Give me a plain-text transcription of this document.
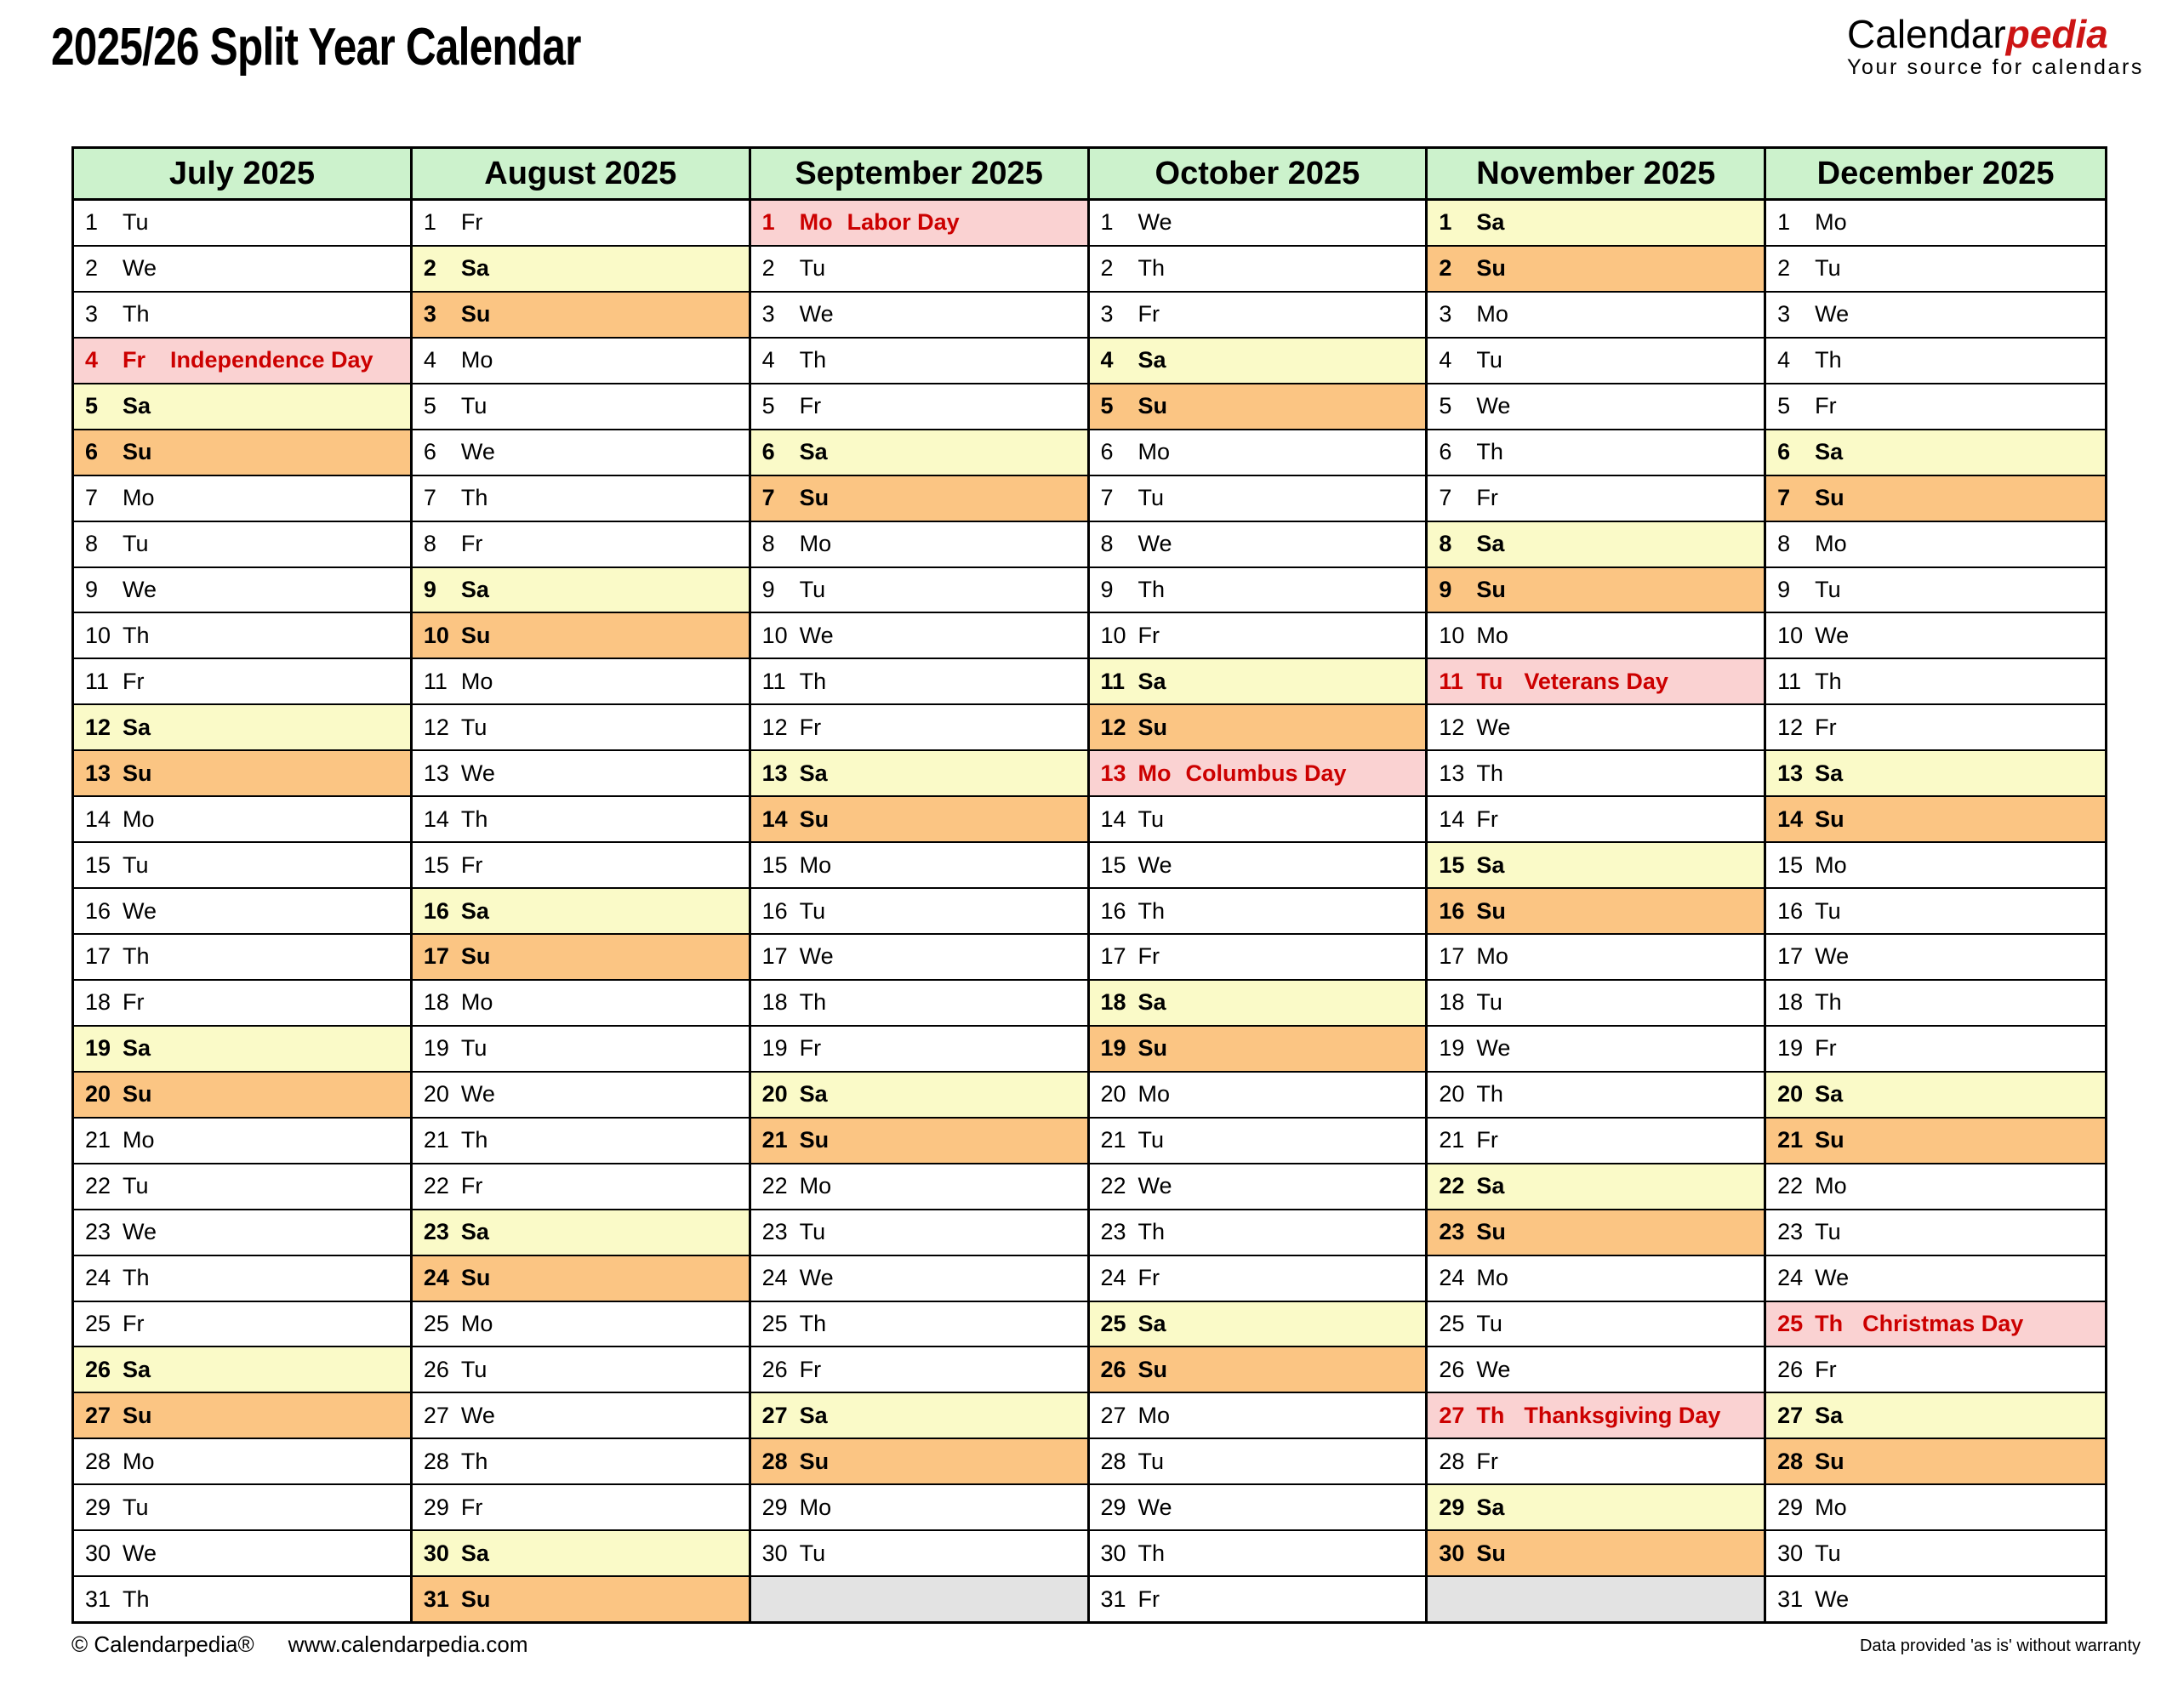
2025/26 Split Year Calendar	Calendarpedia
Your source for calendars
July 2025
1	Tu
2	We
3	Th
4	Fr	Independence Day
5	Sa
6	Su
7	Mo
8	Tu
9	We
10 Th
11 Fr
12 Sa
13 Su
14 Mo
15 Tu
16 We
17 Th
18 Fr
19 Sa
20 Su
21 Mo
22 Tu
23 We
24 Th
25 Fr
26 Sa
27 Su
28 Mo
29 Tu
30 We
31 Th
August 2025
1	Fr
2	Sa
3	Su
4	Mo
5	Tu
6	We
7	Th
8	Fr
9	Sa
10 Su
11 Mo
12 Tu
13 We
14 Th
15 Fr
16 Sa
17 Su
18 Mo
19 Tu
20 We
21 Th
22 Fr
23 Sa
24 Su
25 Mo
26 Tu
27 We
28 Th
29 Fr
30 Sa
31 Su
September 2025
1	Mo Labor Day
2	Tu
3	We
4	Th
5	Fr
6	Sa
7	Su
8	Mo
9	Tu
10 We
11 Th
12 Fr
13 Sa
14 Su
15 Mo
16 Tu
17 We
18 Th
19 Fr
20 Sa
21 Su
22 Mo
23 Tu
24 We
25 Th
26 Fr
27 Sa
28 Su
29 Mo
30 Tu
October 2025
1	We
2	Th
3	Fr
4	Sa
5	Su
6	Mo
7	Tu
8	We
9	Th
10 Fr
11 Sa
12 Su
13 Mo Columbus Day
14 Tu
15 We
16 Th
17 Fr
18 Sa
19 Su
20 Mo
21 Tu
22 We
23 Th
24 Fr
25 Sa
26 Su
27 Mo
28 Tu
29 We
30 Th
31 Fr
November 2025
1	Sa
2	Su
3	Mo
4	Tu
5	We
6	Th
7	Fr
8	Sa
9	Su
10 Mo
11 Tu Veterans Day
12 We
13 Th
14 Fr
15 Sa
16 Su
17 Mo
18 Tu
19 We
20 Th
21 Fr
22 Sa
23 Su
24 Mo
25 Tu
26 We
27 Th Thanksgiving Day
28 Fr
29 Sa
30 Su
December 2025
1	Mo
2	Tu
3	We
4	Th
5	Fr
6	Sa
7	Su
8	Mo
9	Tu
10 We
11 Th
12 Fr
13 Sa
14 Su
15 Mo
16 Tu
17 We
18 Th
19 Fr
20 Sa
21 Su
22 Mo
23 Tu
24 We
25 Th Christmas Day
26 Fr
27 Sa
28 Su
29 Mo
30 Tu
31 We
© Calendarpedia® www.calendarpedia.com	Data provided 'as is' without warranty
